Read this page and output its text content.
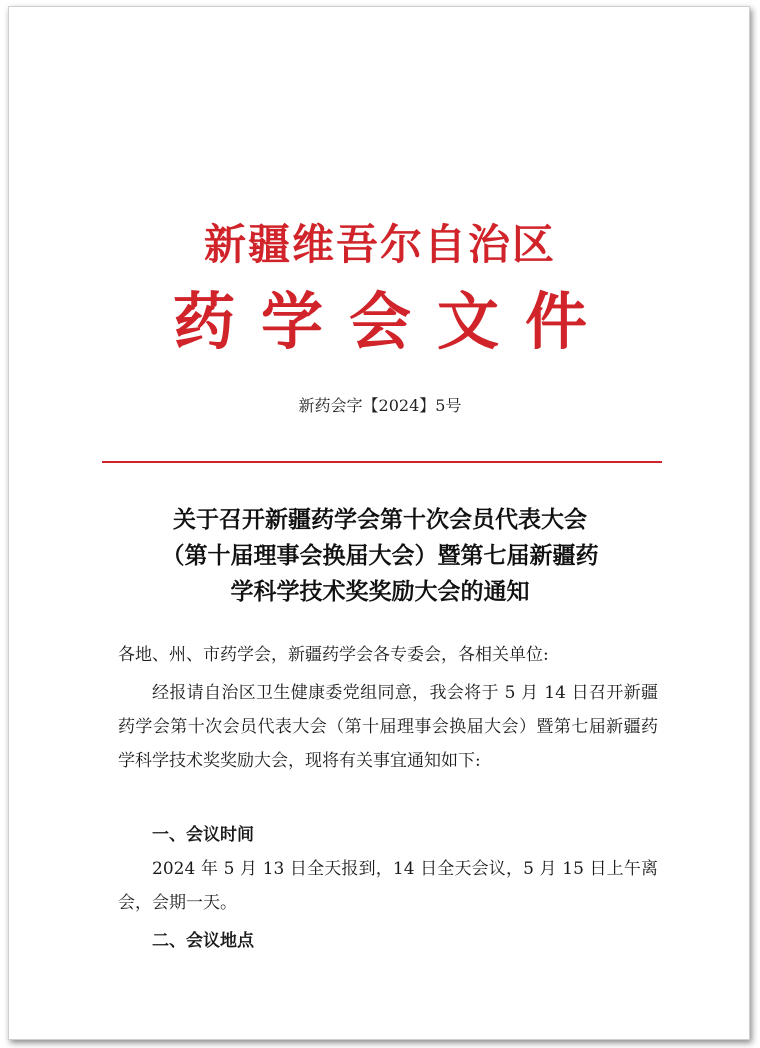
新疆维吾尔自治区
药学会文件
新药会字【2024】5号
关于召开新疆药学会第十次会员代表大会
（第十届理事会换届大会）暨第七届新疆药
学科学技术奖奖励大会的通知
各地、州、市药学会，新疆药学会各专委会，各相关单位:
经报请自治区卫生健康委党组同意，我会将于 5 月 14 日召开新疆药学会第十次会员代表大会（第十届理事会换届大会）暨第七届新疆药学科学技术奖奖励大会，现将有关事宜通知如下:
一、会议时间
2024 年 5 月 13 日全天报到，14 日全天会议，5 月 15 日上午离会，会期一天。
二、会议地点
